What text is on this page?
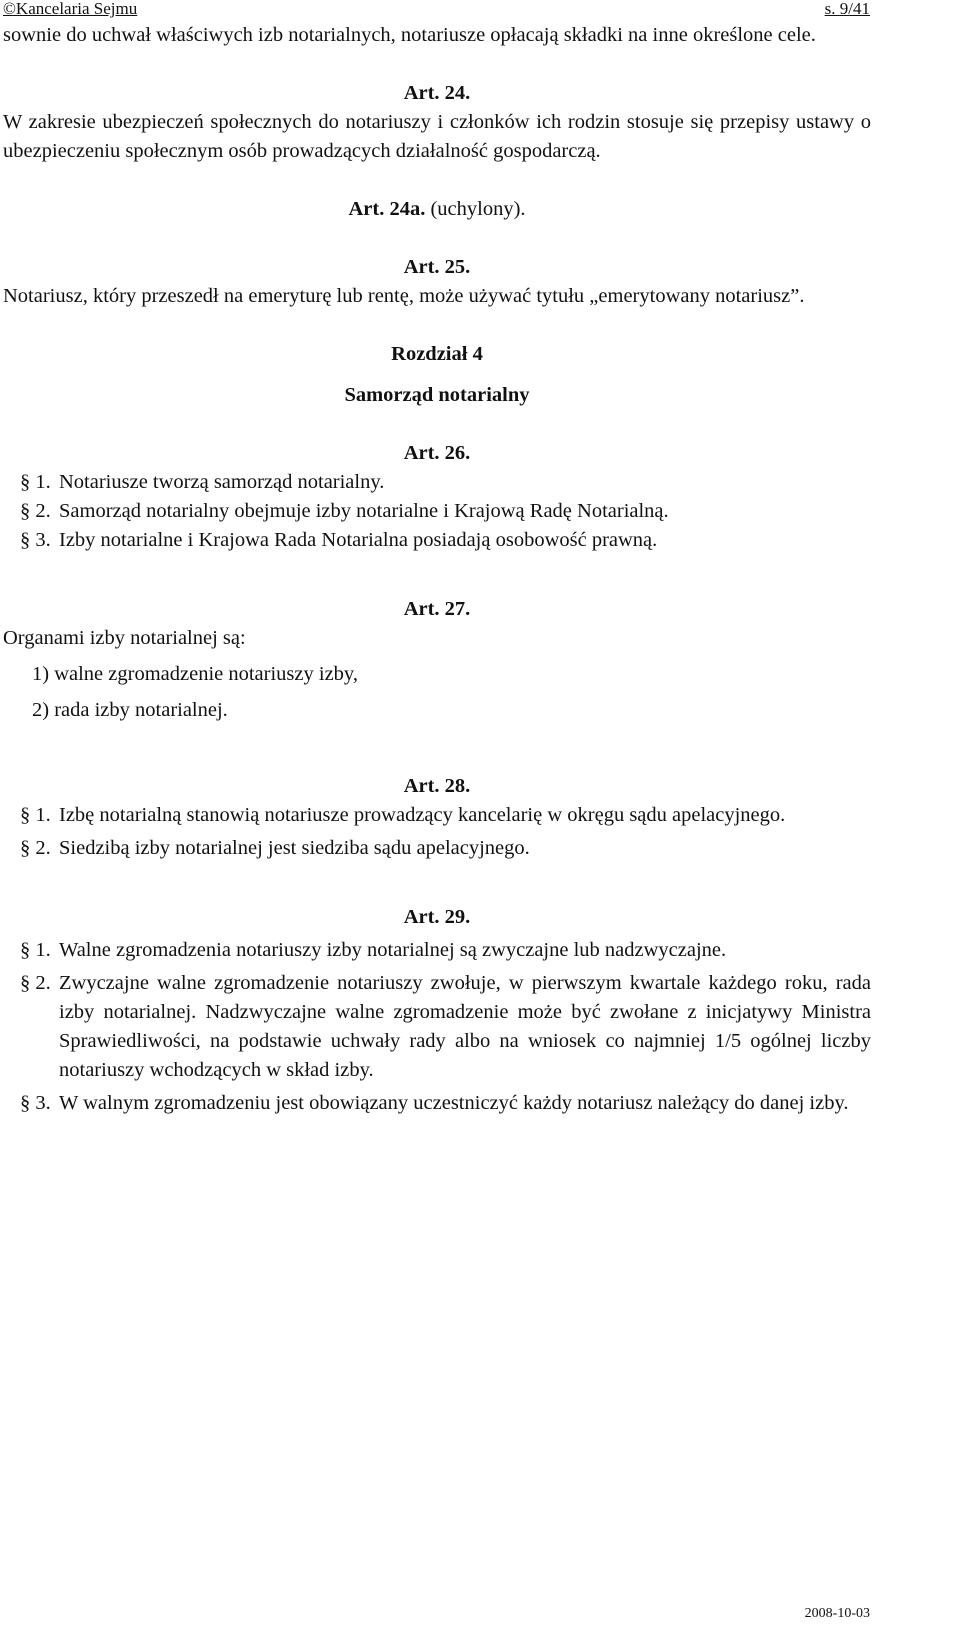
©Kancelaria Sejmu	s. 9/41

sownie do uchwał właściwych izb notarialnych, notariusze opłacają składki na inne określone cele.

Art. 24.

W zakresie ubezpieczeń społecznych do notariuszy i członków ich rodzin stosuje się przepisy ustawy o ubezpieczeniu społecznym osób prowadzących działalność gospodarczą.

Art. 24a. (uchylony).

Art. 25.

Notariusz, który przeszedł na emeryturę lub rentę, może używać tytułu „emerytowany notariusz”.

Rozdział 4

Samorząd notarialny

Art. 26.

§ 1. Notariusze tworzą samorząd notarialny.

§ 2. Samorząd notarialny obejmuje izby notarialne i Krajową Radę Notarialną.

§ 3. Izby notarialne i Krajowa Rada Notarialna posiadają osobowość prawną.

Art. 27.

Organami izby notarialnej są:

1) walne zgromadzenie notariuszy izby,

2) rada izby notarialnej.

Art. 28.

§ 1. Izbę notarialną stanowią notariusze prowadzący kancelarię w okręgu sądu apelacyjnego.

§ 2. Siedzibą izby notarialnej jest siedziba sądu apelacyjnego.

Art. 29.

§ 1. Walne zgromadzenia notariuszy izby notarialnej są zwyczajne lub nadzwyczajne.

§ 2. Zwyczajne walne zgromadzenie notariuszy zwołuje, w pierwszym kwartale każdego roku, rada izby notarialnej. Nadzwyczajne walne zgromadzenie może być zwołane z inicjatywy Ministra Sprawiedliwości, na podstawie uchwały rady albo na wniosek co najmniej 1/5 ogólnej liczby notariuszy wchodzących w skład izby.

§ 3. W walnym zgromadzeniu jest obowiązany uczestniczyć każdy notariusz należący do danej izby.

2008-10-03
